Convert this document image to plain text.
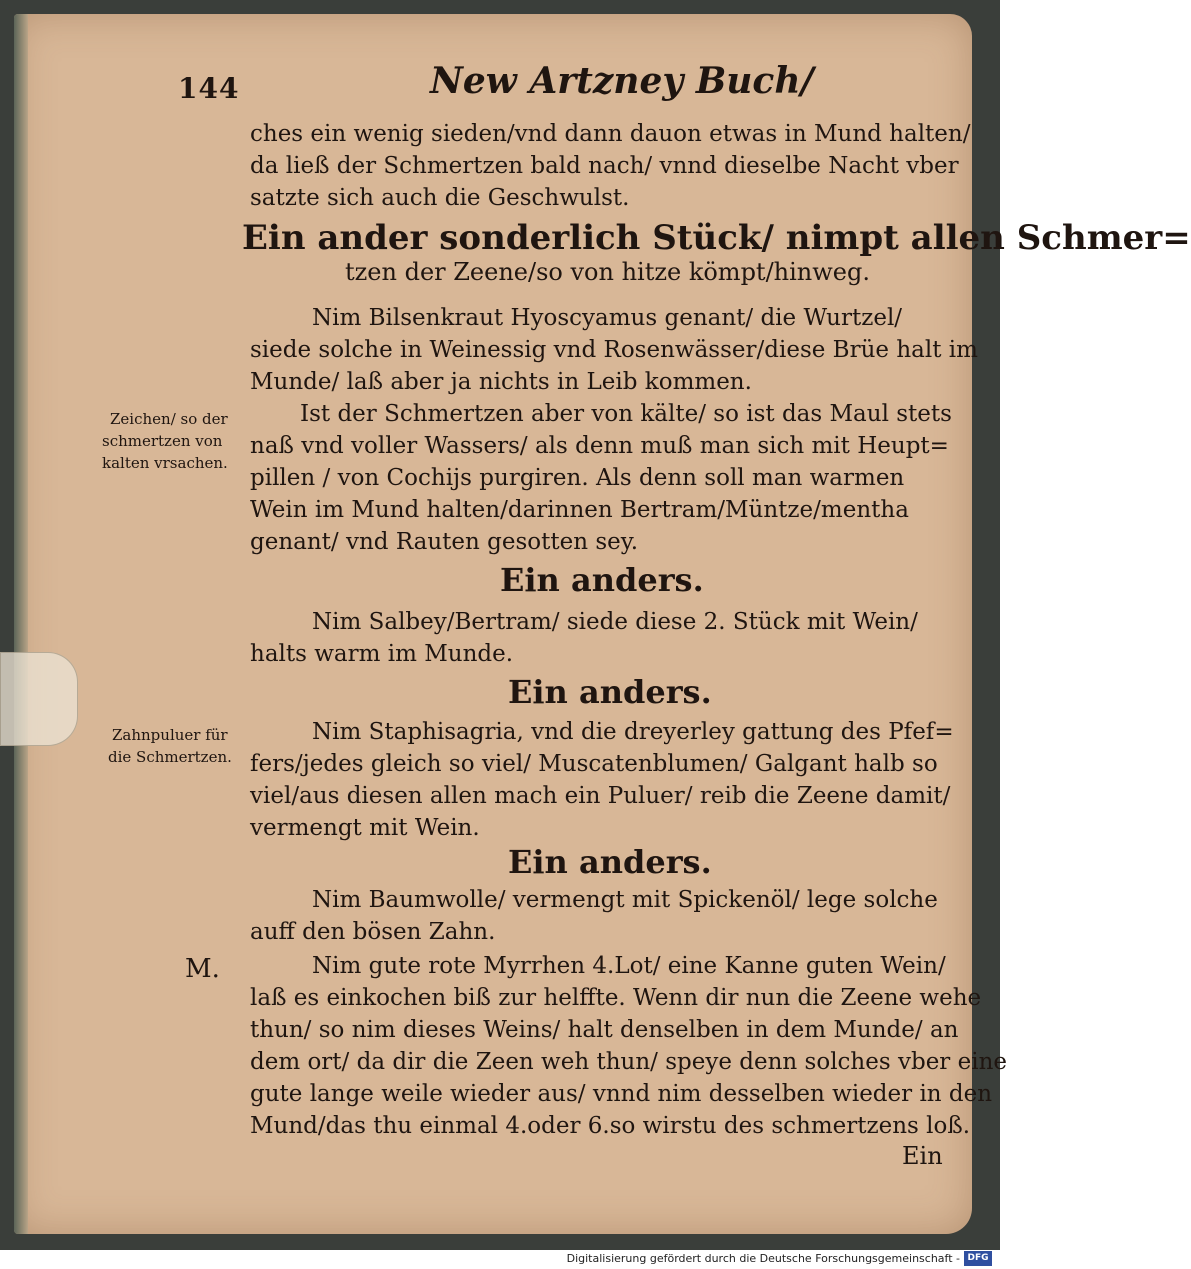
144	New Artzney Buch/
ches ein wenig sieden/vnd dann dauon etwas in Mund halten/
da ließ der Schmertzen bald nach/ vnnd dieselbe Nacht vber
satzte sich auch die Geschwulst.
Ein ander sonderlich Stück/ nimpt allen Schmer=
tzen der Zeene/so von hitze kömpt/hinweg.
Nim Bilsenkraut Hyoscyamus genant/ die Wurtzel/
siede solche in Weinessig vnd Rosenwässer/diese Brüe halt im
Munde/ laß aber ja nichts in Leib kommen.
Ist der Schmertzen aber von kälte/ so ist das Maul stets
naß vnd voller Wassers/ als denn muß man sich mit Heupt=
pillen / von Cochijs purgiren. Als denn soll man warmen
Wein im Mund halten/darinnen Bertram/Müntze/mentha
genant/ vnd Rauten gesotten sey.
Zeichen/ so der
schmertzen von
kalten vrsachen.
Ein anders.
Nim Salbey/Bertram/ siede diese 2. Stück mit Wein/
halts warm im Munde.
Ein anders.
Nim Staphisagria, vnd die dreyerley gattung des Pfef=
fers/jedes gleich so viel/ Muscatenblumen/ Galgant halb so
viel/aus diesen allen mach ein Puluer/ reib die Zeene damit/
vermengt mit Wein.
Zahnpuluer für
die Schmertzen.
Ein anders.
Nim Baumwolle/ vermengt mit Spickenöl/ lege solche
auff den bösen Zahn.
Nim gute rote Myrrhen 4.Lot/ eine Kanne guten Wein/
laß es einkochen biß zur helffte. Wenn dir nun die Zeene wehe
thun/ so nim dieses Weins/ halt denselben in dem Munde/ an
dem ort/ da dir die Zeen weh thun/ speye denn solches vber eine
gute lange weile wieder aus/ vnnd nim desselben wieder in den
Mund/das thu einmal 4.oder 6.so wirstu des schmertzens loß.
Ein
M.
Digitalisierung gefördert durch die Deutsche Forschungsgemeinschaft - DFG
